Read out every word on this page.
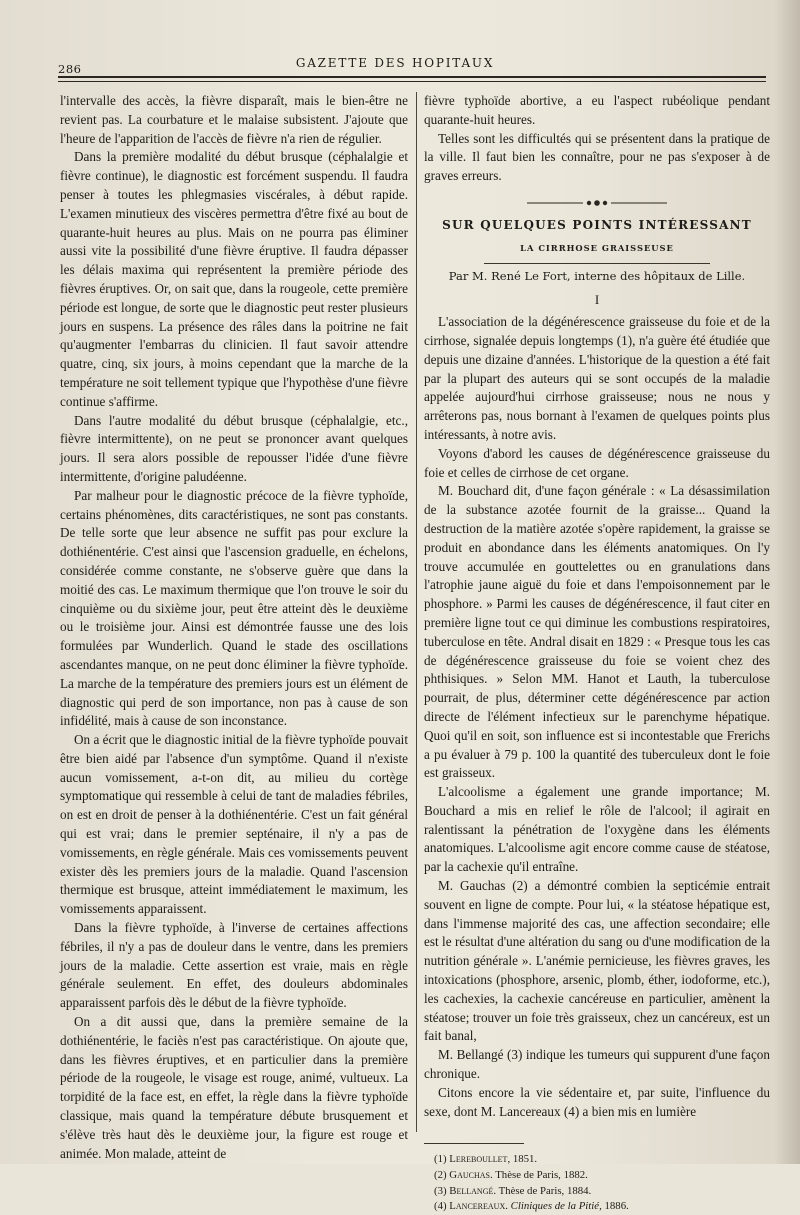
286	GAZETTE DES HOPITAUX

l'intervalle des accès, la fièvre disparaît, mais le bien-être ne revient pas. La courbature et le malaise subsistent. J'ajoute que l'heure de l'apparition de l'accès de fièvre n'a rien de régulier.

Dans la première modalité du début brusque (céphalalgie et fièvre continue), le diagnostic est forcément suspendu. Il faudra penser à toutes les phlegmasies viscérales, à début rapide. L'examen minutieux des viscères permettra d'être fixé au bout de quarante-huit heures au plus. Mais on ne pourra pas éliminer aussi vite la possibilité d'une fièvre éruptive. Il faudra dépasser les délais maxima qui représentent la première période des fièvres éruptives. Or, on sait que, dans la rougeole, cette première période est longue, de sorte que le diagnostic peut rester plusieurs jours en suspens. La présence des râles dans la poitrine ne fait qu'augmenter l'embarras du clinicien. Il faut savoir attendre quatre, cinq, six jours, à moins cependant que la marche de la température ne soit tellement typique que l'hypothèse d'une fièvre continue s'affirme.

Dans l'autre modalité du début brusque (céphalalgie, etc., fièvre intermittente), on ne peut se prononcer avant quelques jours. Il sera alors possible de repousser l'idée d'une fièvre intermittente, d'origine paludéenne.

Par malheur pour le diagnostic précoce de la fièvre typhoïde, certains phénomènes, dits caractéristiques, ne sont pas constants. De telle sorte que leur absence ne suffit pas pour exclure la dothiénentérie. C'est ainsi que l'ascension graduelle, en échelons, considérée comme constante, ne s'observe guère que dans la moitié des cas. Le maximum thermique que l'on trouve le soir du cinquième ou du sixième jour, peut être atteint dès le deuxième ou le troisième jour. Ainsi est démontrée fausse une des lois formulées par Wunderlich. Quand le stade des oscillations ascendantes manque, on ne peut donc éliminer la fièvre typhoïde. La marche de la température des premiers jours est un élément de diagnostic qui perd de son importance, non pas à cause de son infidélité, mais à cause de son inconstance.

On a écrit que le diagnostic initial de la fièvre typhoïde pouvait être bien aidé par l'absence d'un symptôme. Quand il n'existe aucun vomissement, a-t-on dit, au milieu du cortège symptomatique qui ressemble à celui de tant de maladies fébriles, on est en droit de penser à la dothiénentérie. C'est un fait général qui est vrai; dans le premier septénaire, il n'y a pas de vomissements, en règle générale. Mais ces vomissements peuvent exister dès les premiers jours de la maladie. Quand l'ascension thermique est brusque, atteint immédiatement le maximum, les vomissements apparaissent.

Dans la fièvre typhoïde, à l'inverse de certaines affections fébriles, il n'y a pas de douleur dans le ventre, dans les premiers jours de la maladie. Cette assertion est vraie, mais en règle générale seulement. En effet, des douleurs abdominales apparaissent parfois dès le début de la fièvre typhoïde.

On a dit aussi que, dans la première semaine de la dothiénentérie, le faciès n'est pas caractéristique. On ajoute que, dans les fièvres éruptives, et en particulier dans la première période de la rougeole, le visage est rouge, animé, vultueux. La torpidité de la face est, en effet, la règle dans la fièvre typhoïde classique, mais quand la température débute brusquement et s'élève très haut dès le deuxième jour, la figure est rouge et animée. Mon malade, atteint de

fièvre typhoïde abortive, a eu l'aspect rubéolique pendant quarante-huit heures.

Telles sont les difficultés qui se présentent dans la pratique de la ville. Il faut bien les connaître, pour ne pas s'exposer à de graves erreurs.

SUR QUELQUES POINTS INTÉRESSANT
LA CIRRHOSE GRAISSEUSE
Par M. René Le Fort, interne des hôpitaux de Lille.
I

L'association de la dégénérescence graisseuse du foie et de la cirrhose, signalée depuis longtemps (1), n'a guère été étudiée que depuis une dizaine d'années. L'historique de la question a été fait par la plupart des auteurs qui se sont occupés de la maladie appelée aujourd'hui cirrhose graisseuse; nous ne nous y arrêterons pas, nous bornant à l'examen de quelques points plus intéressants, à notre avis.

Voyons d'abord les causes de dégénérescence graisseuse du foie et celles de cirrhose de cet organe.

M. Bouchard dit, d'une façon générale : « La désassimilation de la substance azotée fournit de la graisse... Quand la destruction de la matière azotée s'opère rapidement, la graisse se produit en abondance dans les éléments anatomiques. On l'y trouve accumulée en gouttelettes ou en granulations dans l'atrophie jaune aiguë du foie et dans l'empoisonnement par le phosphore. » Parmi les causes de dégénérescence, il faut citer en première ligne tout ce qui diminue les combustions respiratoires, tuberculose en tête. Andral disait en 1829 : « Presque tous les cas de dégénérescence graisseuse du foie se voient chez des phthisiques. » Selon MM. Hanot et Lauth, la tuberculose pourrait, de plus, déterminer cette dégénérescence par action directe de l'élément infectieux sur le parenchyme hépatique. Quoi qu'il en soit, son influence est si incontestable que Frerichs a pu évaluer à 79 p. 100 la quantité des tuberculeux dont le foie est graisseux.

L'alcoolisme a également une grande importance; M. Bouchard a mis en relief le rôle de l'alcool; il agirait en ralentissant la pénétration de l'oxygène dans les éléments anatomiques. L'alcoolisme agit encore comme cause de stéatose, par la cachexie qu'il entraîne.

M. Gauchas (2) a démontré combien la septicémie entrait souvent en ligne de compte. Pour lui, « la stéatose hépatique est, dans l'immense majorité des cas, une affection secondaire; elle est le résultat d'une altération du sang ou d'une modification de la nutrition générale ». L'anémie pernicieuse, les fièvres graves, les intoxications (phosphore, arsenic, plomb, éther, iodoforme, etc.), les cachexies, la cachexie cancéreuse en particulier, amènent la stéatose; trouver un foie très graisseux, chez un cancéreux, est un fait banal,

M. Bellangé (3) indique les tumeurs qui suppurent d'une façon chronique.

Citons encore la vie sédentaire et, par suite, l'influence du sexe, dont M. Lancereaux (4) a bien mis en lumière

(1) Lereboullet, 1851.
(2) Gauchas. Thèse de Paris, 1882.
(3) Bellangé. Thèse de Paris, 1884.
(4) Lancereaux. Cliniques de la Pitié, 1886.
